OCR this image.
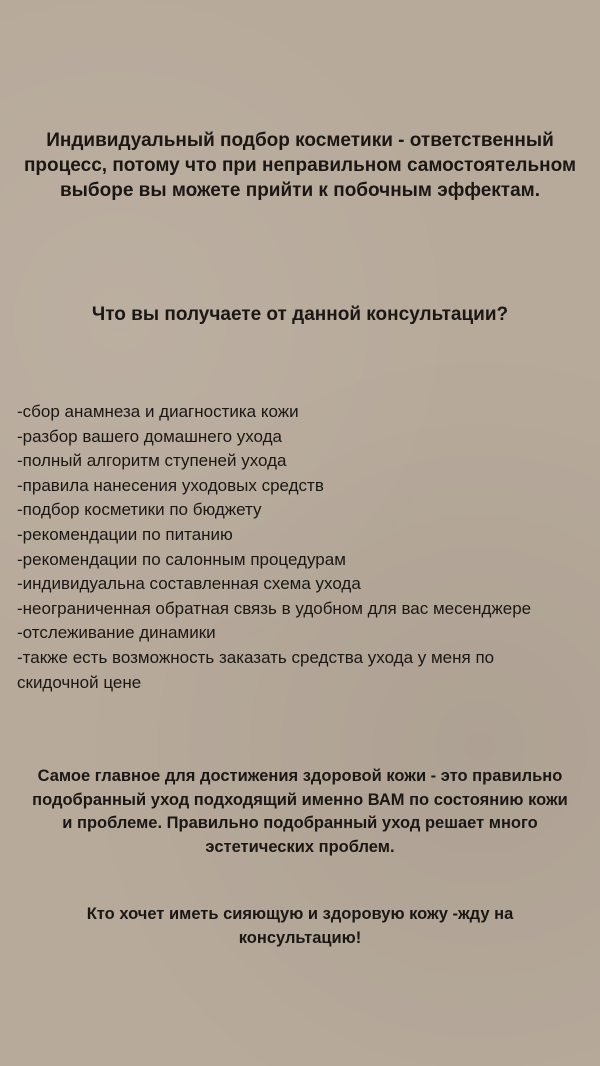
Индивидуальный подбор косметики - ответственный процесс, потому что при неправильном самостоятельном выборе вы можете прийти к побочным эффектам.
Что вы получаете от данной консультации?
-сбор анамнеза и диагностика кожи
-разбор вашего домашнего ухода
-полный алгоритм ступеней ухода
-правила нанесения уходовых средств
-подбор косметики по бюджету
-рекомендации по питанию
-рекомендации по салонным процедурам
-индивидуальна составленная схема ухода
-неограниченная обратная связь в удобном для вас месенджере
-отслеживание динамики
-также есть возможность заказать средства ухода у меня по скидочной цене
Самое главное для достижения здоровой кожи - это правильно подобранный уход подходящий именно ВАМ по состоянию кожи и проблеме. Правильно подобранный уход решает много эстетических проблем.
Кто хочет иметь сияющую и здоровую кожу -жду на консультацию!
